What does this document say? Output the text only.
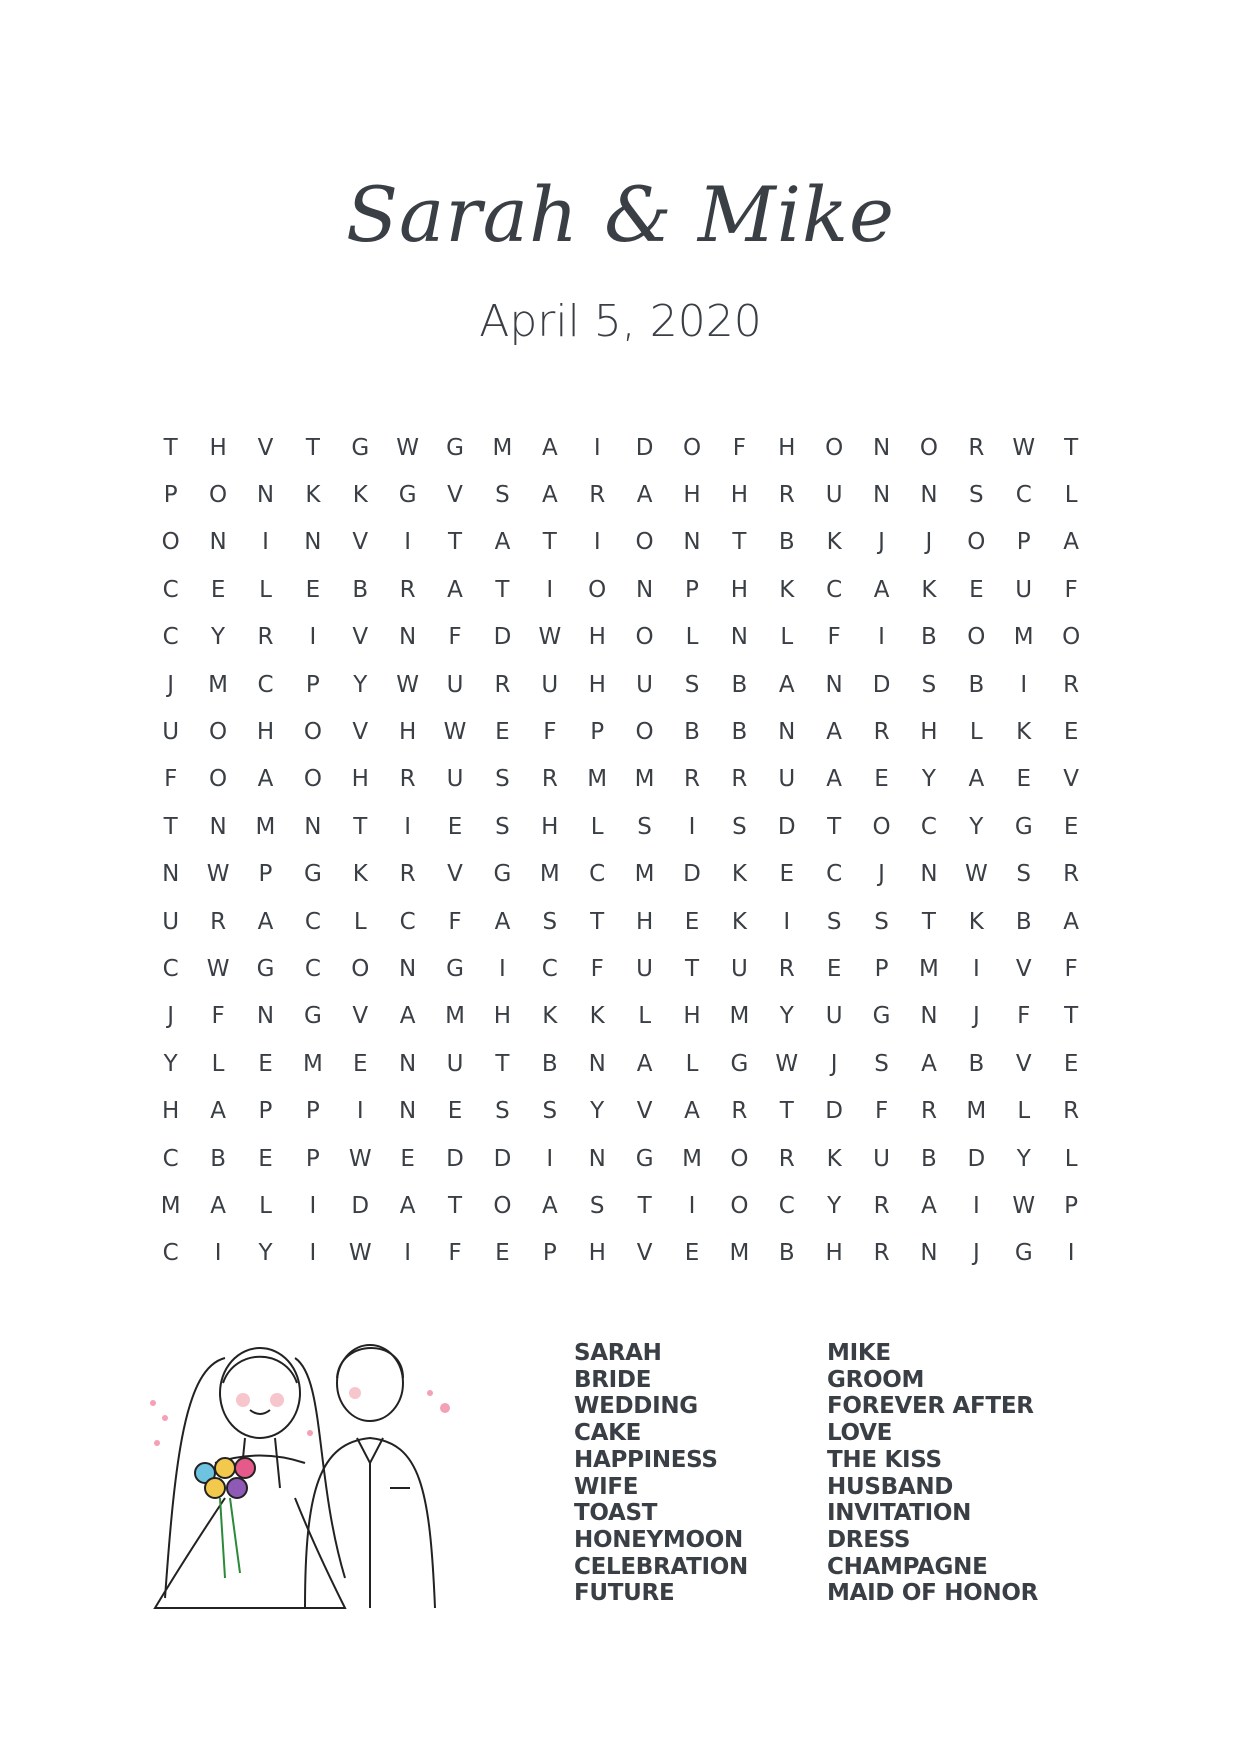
Sarah & Mike
April 5, 2020
T	H	V	T	G	W	G	M	A	I	D	O	F	H	O	N	O	R	W	T
P	O	N	K	K	G	V	S	A	R	A	H	H	R	U	N	N	S	C	L
O	N	I	N	V	I	T	A	T	I	O	N	T	B	K	J	J	O	P	A
C	E	L	E	B	R	A	T	I	O	N	P	H	K	C	A	K	E	U	F
C	Y	R	I	V	N	F	D	W	H	O	L	N	L	F	I	B	O	M	O
J	M	C	P	Y	W	U	R	U	H	U	S	B	A	N	D	S	B	I	R
U	O	H	O	V	H	W	E	F	P	O	B	B	N	A	R	H	L	K	E
F	O	A	O	H	R	U	S	R	M	M	R	R	U	A	E	Y	A	E	V
T	N	M	N	T	I	E	S	H	L	S	I	S	D	T	O	C	Y	G	E
N	W	P	G	K	R	V	G	M	C	M	D	K	E	C	J	N	W	S	R
U	R	A	C	L	C	F	A	S	T	H	E	K	I	S	S	T	K	B	A
C	W	G	C	O	N	G	I	C	F	U	T	U	R	E	P	M	I	V	F
J	F	N	G	V	A	M	H	K	K	L	H	M	Y	U	G	N	J	F	T
Y	L	E	M	E	N	U	T	B	N	A	L	G	W	J	S	A	B	V	E
H	A	P	P	I	N	E	S	S	Y	V	A	R	T	D	F	R	M	L	R
C	B	E	P	W	E	D	D	I	N	G	M	O	R	K	U	B	D	Y	L
M	A	L	I	D	A	T	O	A	S	T	I	O	C	Y	R	A	I	W	P
C	I	Y	I	W	I	F	E	P	H	V	E	M	B	H	R	N	J	G	I
SARAH
BRIDE
WEDDING
CAKE
HAPPINESS
WIFE
TOAST
HONEYMOON
CELEBRATION
FUTURE
MIKE
GROOM
FOREVER AFTER
LOVE
THE KISS
HUSBAND
INVITATION
DRESS
CHAMPAGNE
MAID OF HONOR
